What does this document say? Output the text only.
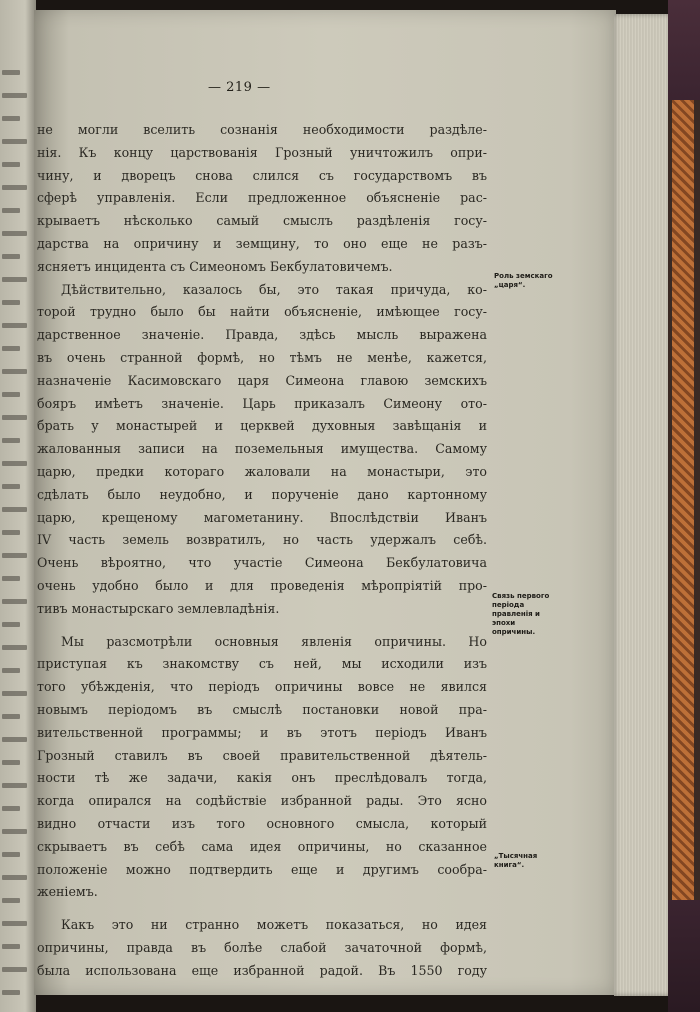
— 219 —
не могли вселить сознанія необходимости раздѣле-
нія. Къ концу царствованія Грозный уничтожилъ опри-
чину, и дворецъ снова слился съ государствомъ въ
сферѣ управленія. Если предложенное объясненіе рас-
крываетъ нѣсколько самый смыслъ раздѣленія госу-
дарства на опричину и земщину, то оно еще не разъ-
ясняетъ инцидента съ Симеономъ Бекбулатовичемъ.
Дѣйствительно, казалось бы, это такая причуда, ко-
торой трудно было бы найти объясненіе, имѣющее госу-
дарственное значеніе. Правда, здѣсь мысль выражена
въ очень странной формѣ, но тѣмъ не менѣе, кажется,
назначеніе Касимовскаго царя Симеона главою земскихъ
бояръ имѣетъ значеніе. Царь приказалъ Симеону ото-
брать у монастырей и церквей духовныя завѣщанія и
жалованныя записи на поземельныя имущества. Самому
царю, предки котораго жаловали на монастыри, это
сдѣлать было неудобно, и порученіе дано картонному
царю, крещеному магометанину. Впослѣдствіи Иванъ
IV часть земель возвратилъ, но часть удержалъ себѣ.
Очень вѣроятно, что участіе Симеона Бекбулатовича
очень удобно было и для проведенія мѣропріятій про-
тивъ монастырскаго землевладѣнія.
Мы разсмотрѣли основныя явленія опричины. Но
приступая къ знакомству съ ней, мы исходили изъ
того убѣжденія, что періодъ опричины вовсе не явился
новымъ періодомъ въ смыслѣ постановки новой пра-
вительственной программы; и въ этотъ періодъ Иванъ
Грозный ставилъ въ своей правительственной дѣятель-
ности тѣ же задачи, какія онъ преслѣдовалъ тогда,
когда опирался на содѣйствіе избранной рады. Это ясно
видно отчасти изъ того основного смысла, который
скрываетъ въ себѣ сама идея опричины, но сказанное
положеніе можно подтвердить еще и другимъ сообра-
женіемъ.
Какъ это ни странно можетъ показаться, но идея
опричины, правда въ болѣе слабой зачаточной формѣ,
была использована еще избранной радой. Въ 1550 году
Роль земскаго „царя“.
Связь первого періода правленія и эпохи опричины.
„Тысячная книга“.
